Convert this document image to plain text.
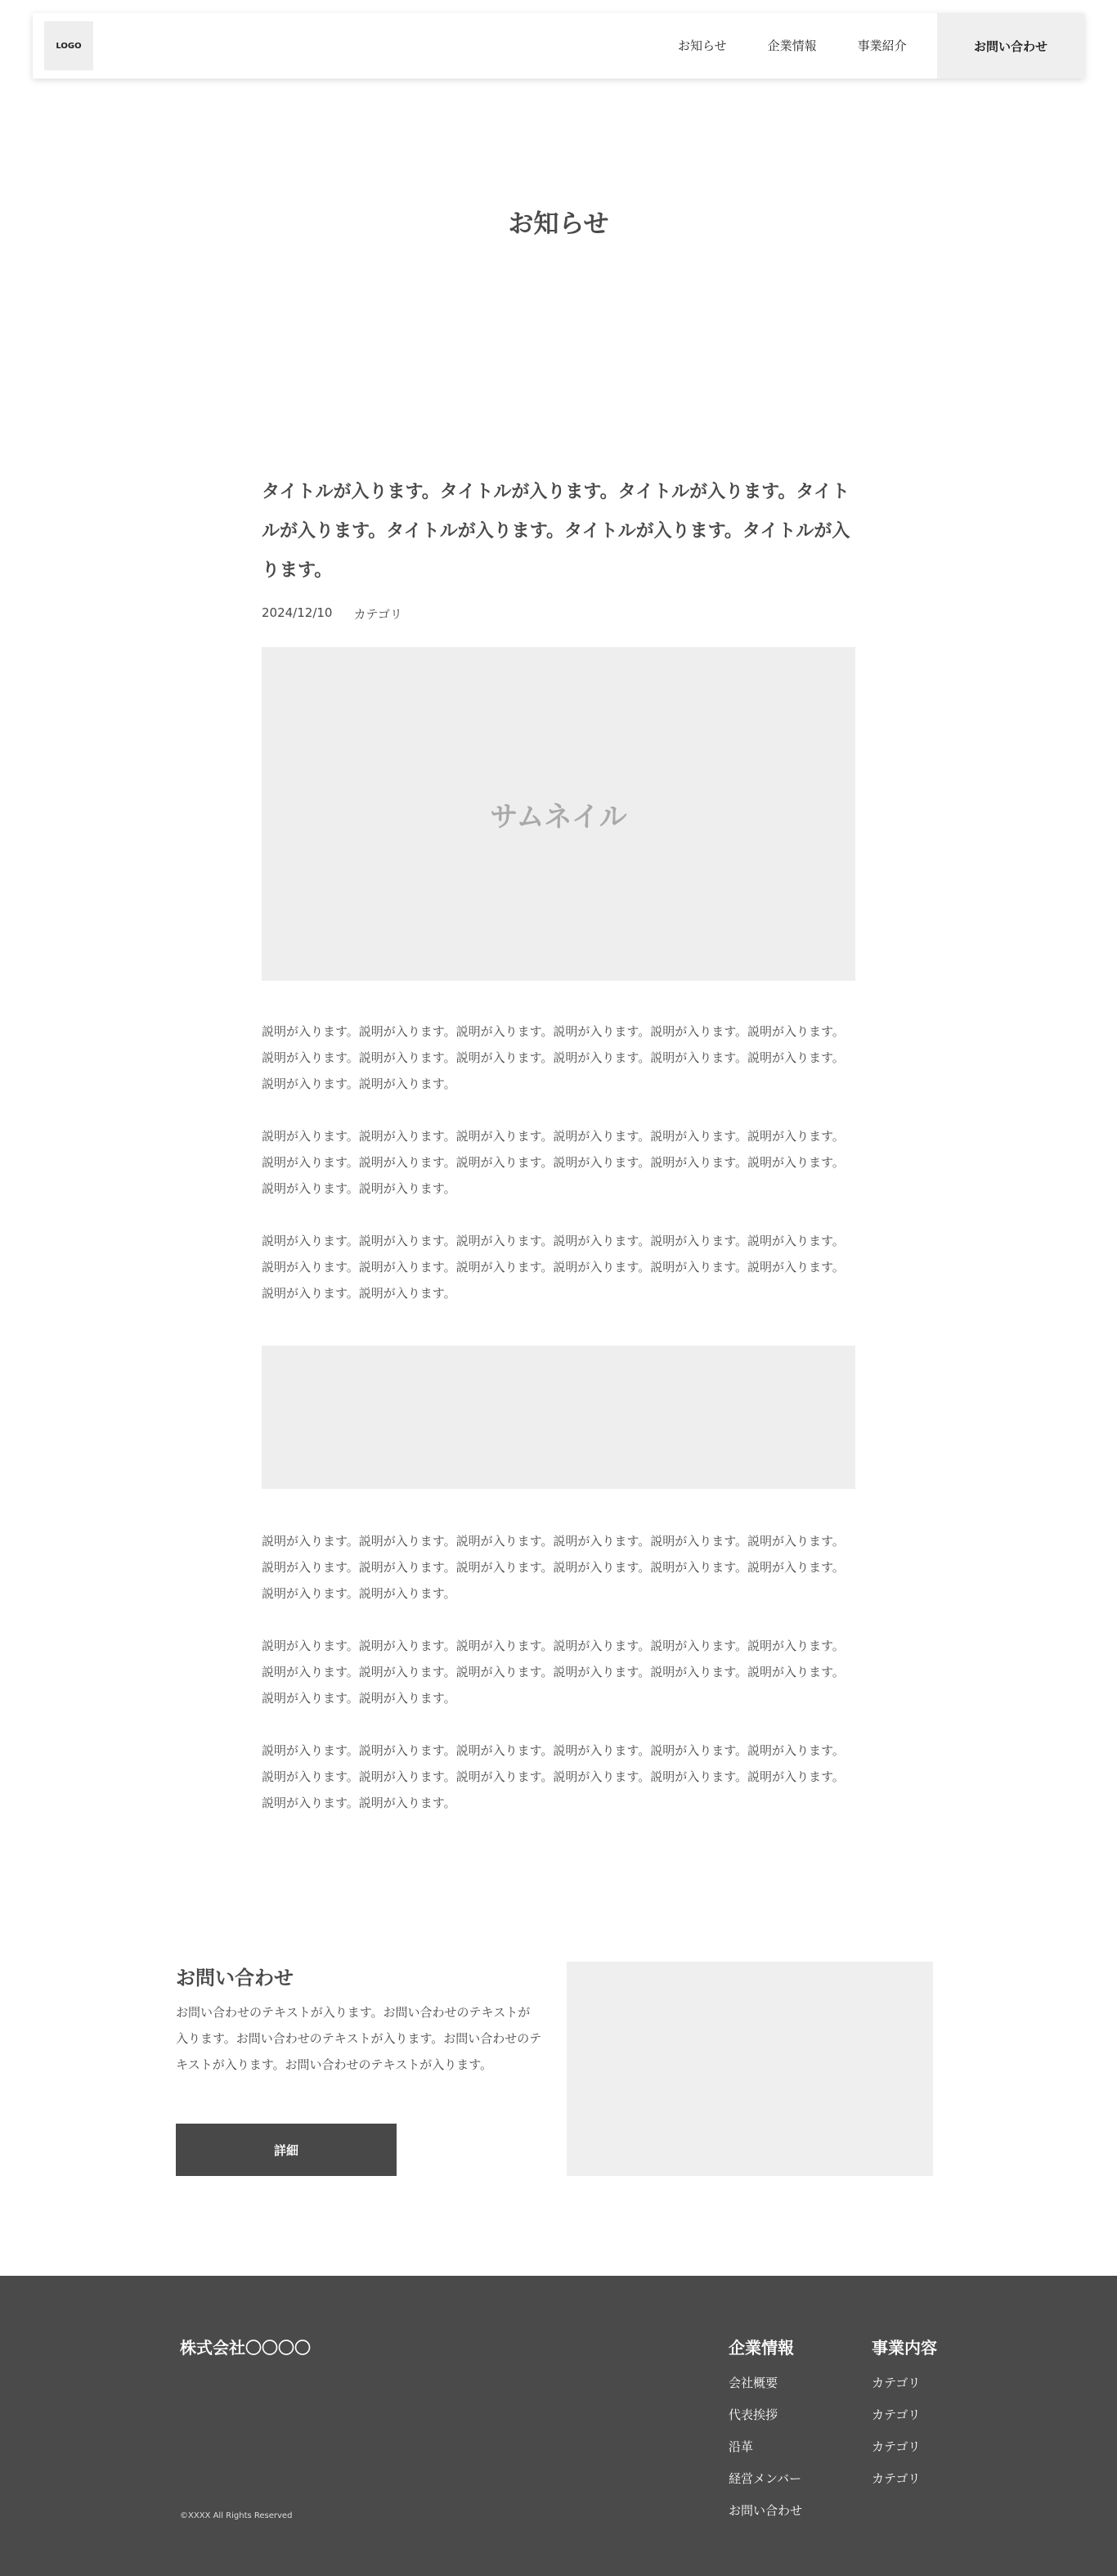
LOGO	お知らせ	企業情報	事業紹介	お問い合わせ
お知らせ
タイトルが入ります。タイトルが入ります。タイトルが入ります。タイトルが入ります。タイトルが入ります。タイトルが入ります。タイトルが入ります。
2024/12/10 カテゴリ
サムネイル

説明が入ります。説明が入ります。説明が入ります。説明が入ります。説明が入ります。説明が入ります。説明が入ります。説明が入ります。説明が入ります。説明が入ります。説明が入ります。説明が入ります。説明が入ります。説明が入ります。

説明が入ります。説明が入ります。説明が入ります。説明が入ります。説明が入ります。説明が入ります。説明が入ります。説明が入ります。説明が入ります。説明が入ります。説明が入ります。説明が入ります。説明が入ります。説明が入ります。

説明が入ります。説明が入ります。説明が入ります。説明が入ります。説明が入ります。説明が入ります。説明が入ります。説明が入ります。説明が入ります。説明が入ります。説明が入ります。説明が入ります。説明が入ります。説明が入ります。

説明が入ります。説明が入ります。説明が入ります。説明が入ります。説明が入ります。説明が入ります。説明が入ります。説明が入ります。説明が入ります。説明が入ります。説明が入ります。説明が入ります。説明が入ります。説明が入ります。

説明が入ります。説明が入ります。説明が入ります。説明が入ります。説明が入ります。説明が入ります。説明が入ります。説明が入ります。説明が入ります。説明が入ります。説明が入ります。説明が入ります。説明が入ります。説明が入ります。

説明が入ります。説明が入ります。説明が入ります。説明が入ります。説明が入ります。説明が入ります。説明が入ります。説明が入ります。説明が入ります。説明が入ります。説明が入ります。説明が入ります。説明が入ります。説明が入ります。

お問い合わせ

お問い合わせのテキストが入ります。お問い合わせのテキストが入ります。お問い合わせのテキストが入ります。お問い合わせのテキストが入ります。お問い合わせのテキストが入ります。

詳細
株式会社〇〇〇〇
©XXXX All Rights Reserved
企業情報
会社概要
代表挨拶
沿革
経営メンバー
お問い合わせ
事業内容
カテゴリ
カテゴリ
カテゴリ
カテゴリ
